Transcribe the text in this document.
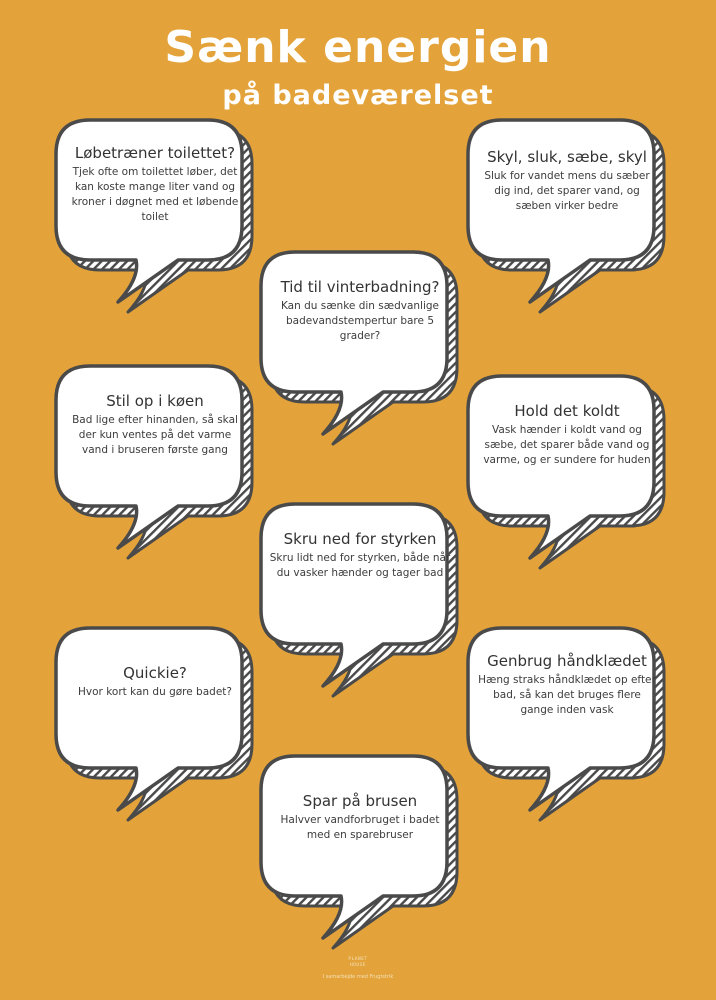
Sænk energien
på badeværelset

Løbetræner toilettet?

Tjek ofte om toilettet løber, det kan koste mange liter vand og kroner i døgnet med et løbende toilet

Skyl, sluk, sæbe, skyl

Sluk for vandet mens du sæber dig ind, det sparer vand, og sæben virker bedre

Tid til vinterbadning?

Kan du sænke din sædvanlige badevandstempertur bare 5 grader?

Stil op i køen

Bad lige efter hinanden, så skal der kun ventes på det varme vand i bruseren første gang

Hold det koldt

Vask hænder i koldt vand og sæbe, det sparer både vand og varme, og er sundere for huden

Skru ned for styrken

Skru lidt ned for styrken, både når du vasker hænder og tager bad

Quickie?

Hvor kort kan du gøre badet?

Genbrug håndklædet

Hæng straks håndklædet op efter bad, så kan det bruges flere gange inden vask

Spar på brusen

Halvver vandforbruget i badet med en sparebruser

PLANET HOUSE
I samarbejde med Frugtstrik
